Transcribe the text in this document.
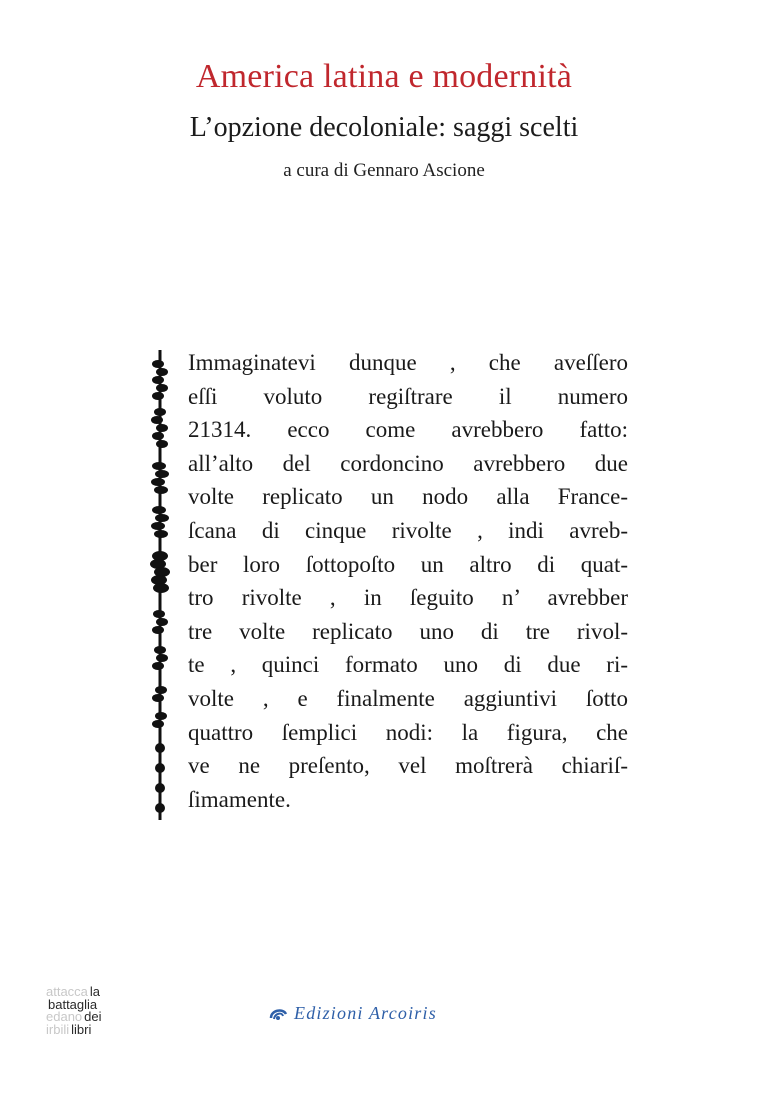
America latina e modernità
L’opzione decoloniale: saggi scelti
a cura di Gennaro Ascione
Immaginatevi dunque , che aveſſero
eſſi voluto regiſtrare il numero
21314. ecco come avrebbero fatto:
all’alto del cordoncino avrebbero due
volte replicato un nodo alla France-
ſcana di cinque rivolte , indi avreb-
ber loro ſottopoſto un altro di quat-
tro rivolte , in ſeguito n’ avrebber
tre volte replicato uno di tre rivol-
te , quinci formato uno di due ri-
volte , e finalmente aggiuntivi ſotto
quattro ſemplici nodi: la figura, che
ve ne preſento, vel moſtrerà chiariſ-
ſimamente.
attacca la
battaglia
edano dei
irbili libri
Edizioni Arcoiris
